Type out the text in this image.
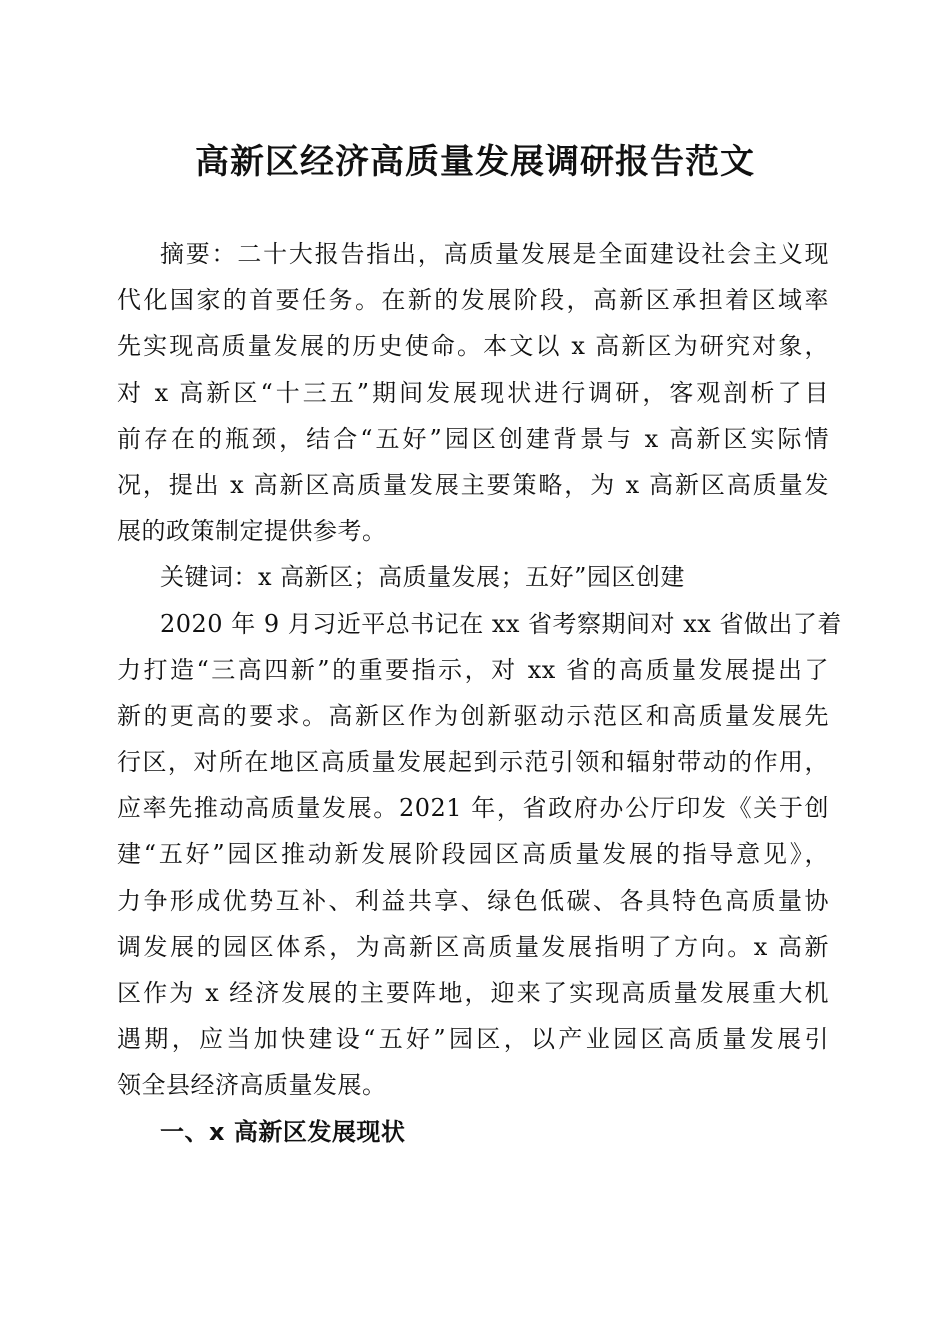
高新区经济高质量发展调研报告范文
摘要：二十大报告指出，高质量发展是全面建设社会主义现
代化国家的首要任务。在新的发展阶段，高新区承担着区域率
先实现高质量发展的历史使命。本文以 x 高新区为研究对象，
对 x 高新区“十三五”期间发展现状进行调研，客观剖析了目
前存在的瓶颈，结合“五好”园区创建背景与 x 高新区实际情
况，提出 x 高新区高质量发展主要策略，为 x 高新区高质量发
展的政策制定提供参考。
关键词：x 高新区；高质量发展；五好”园区创建
2020 年 9 月习近平总书记在 xx 省考察期间对 xx 省做出了着
力打造“三高四新”的重要指示，对 xx 省的高质量发展提出了
新的更高的要求。高新区作为创新驱动示范区和高质量发展先
行区，对所在地区高质量发展起到示范引领和辐射带动的作用，
应率先推动高质量发展。2021 年，省政府办公厅印发《关于创
建“五好”园区推动新发展阶段园区高质量发展的指导意见》，
力争形成优势互补、利益共享、绿色低碳、各具特色高质量协
调发展的园区体系，为高新区高质量发展指明了方向。x 高新
区作为 x 经济发展的主要阵地，迎来了实现高质量发展重大机
遇期，应当加快建设“五好”园区，以产业园区高质量发展引
领全县经济高质量发展。
一、x 高新区发展现状
